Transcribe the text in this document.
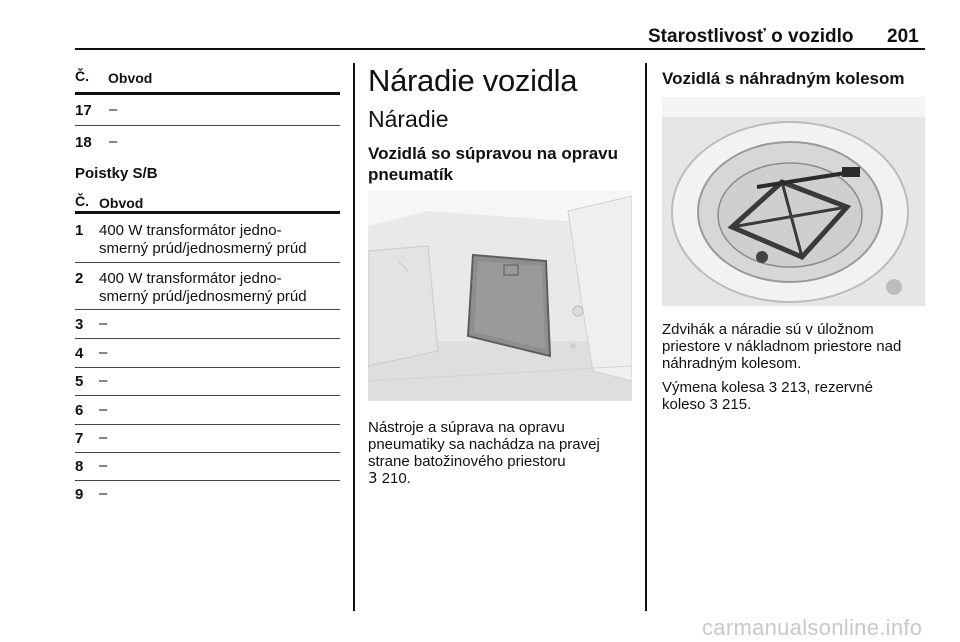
Starostlivosť o vozidlo 201
Č. Obvod
17 –
18 –
Poistky S/B
Č. Obvod
1 400 W transformátor jedno-
smerný prúd/jednosmerný prúd
2 400 W transformátor jedno-
smerný prúd/jednosmerný prúd
3 –
4 –
5 –
6 –
7 –
8 –
9 –
Náradie vozidla
Náradie
Vozidlá so súpravou na opravu
pneumatík
Nástroje a súprava na opravu
pneumatiky sa nachádza na pravej
strane batožinového priestoru
3 210.
Vozidlá s náhradným kolesom
Zdvihák a náradie sú v úložnom
priestore v nákladnom priestore nad
náhradným kolesom.
Výmena kolesa 3 213, rezervné
koleso 3 215.
carmanualsonline.info
